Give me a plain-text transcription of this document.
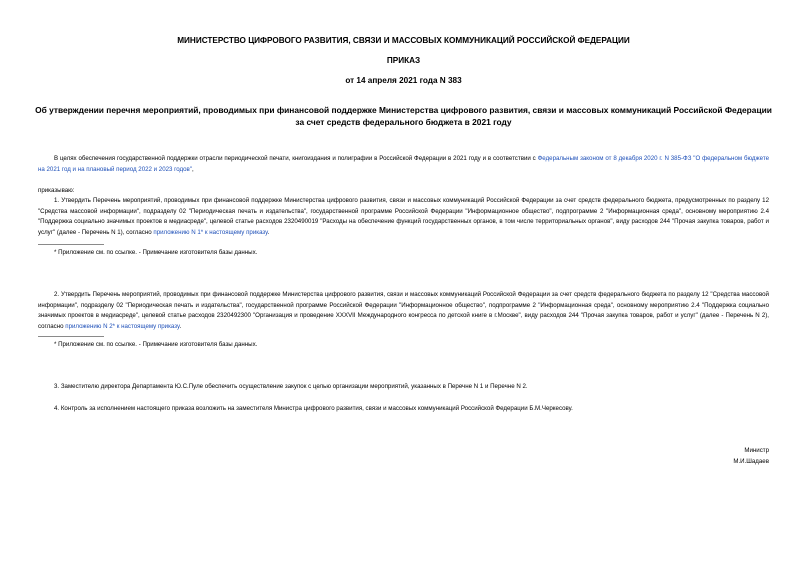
МИНИСТЕРСТВО ЦИФРОВОГО РАЗВИТИЯ, СВЯЗИ И МАССОВЫХ КОММУНИКАЦИЙ РОССИЙСКОЙ ФЕДЕРАЦИИ
ПРИКАЗ
от 14 апреля 2021 года N 383
Об утверждении перечня мероприятий, проводимых при финансовой поддержке Министерства цифрового развития, связи и массовых коммуникаций Российской Федерации за счет средств федерального бюджета в 2021 году
В целях обеспечения государственной поддержки отрасли периодической печати, книгоиздания и полиграфии в Российской Федерации в 2021 году и в соответствии с Федеральным законом от 8 декабря 2020 г. N 385-ФЗ "О федеральном бюджете на 2021 год и на плановый период 2022 и 2023 годов",
приказываю:
1. Утвердить Перечень мероприятий, проводимых при финансовой поддержке Министерства цифрового развития, связи и массовых коммуникаций Российской Федерации за счет средств федерального бюджета, предусмотренных по разделу 12 "Средства массовой информации", подразделу 02 "Периодическая печать и издательства", государственной программе Российской Федерации "Информационное общество", подпрограмме 2 "Информационная среда", основному мероприятию 2.4 "Поддержка социально значимых проектов в медиасреде", целевой статье расходов 2320490019 "Расходы на обеспечение функций государственных органов, в том числе территориальных органов", виду расходов 244 "Прочая закупка товаров, работ и услуг" (далее - Перечень N 1), согласно приложению N 1* к настоящему приказу.
* Приложение см. по ссылке. - Примечание изготовителя базы данных.
2. Утвердить Перечень мероприятий, проводимых при финансовой поддержке Министерства цифрового развития, связи и массовых коммуникаций Российской Федерации за счет средств федерального бюджета по разделу 12 "Средства массовой информации", подразделу 02 "Периодическая печать и издательства", государственной программе Российской Федерации "Информационное общество", подпрограмме 2 "Информационная среда", основному мероприятию 2.4 "Поддержка социально значимых проектов в медиасреде", целевой статье расходов 2320492300 "Организация и проведение XXXVII Международного конгресса по детской книге в г.Москве", виду расходов 244 "Прочая закупка товаров, работ и услуг" (далее - Перечень N 2), согласно приложению N 2* к настоящему приказу.
* Приложение см. по ссылке. - Примечание изготовителя базы данных.
3. Заместителю директора Департамента Ю.С.Пуле обеспечить осуществление закупок с целью организации мероприятий, указанных в Перечне N 1 и Перечне N 2.
4. Контроль за исполнением настоящего приказа возложить на заместителя Министра цифрового развития, связи и массовых коммуникаций Российской Федерации Б.М.Черкесову.
Министр
М.И.Шадаев
